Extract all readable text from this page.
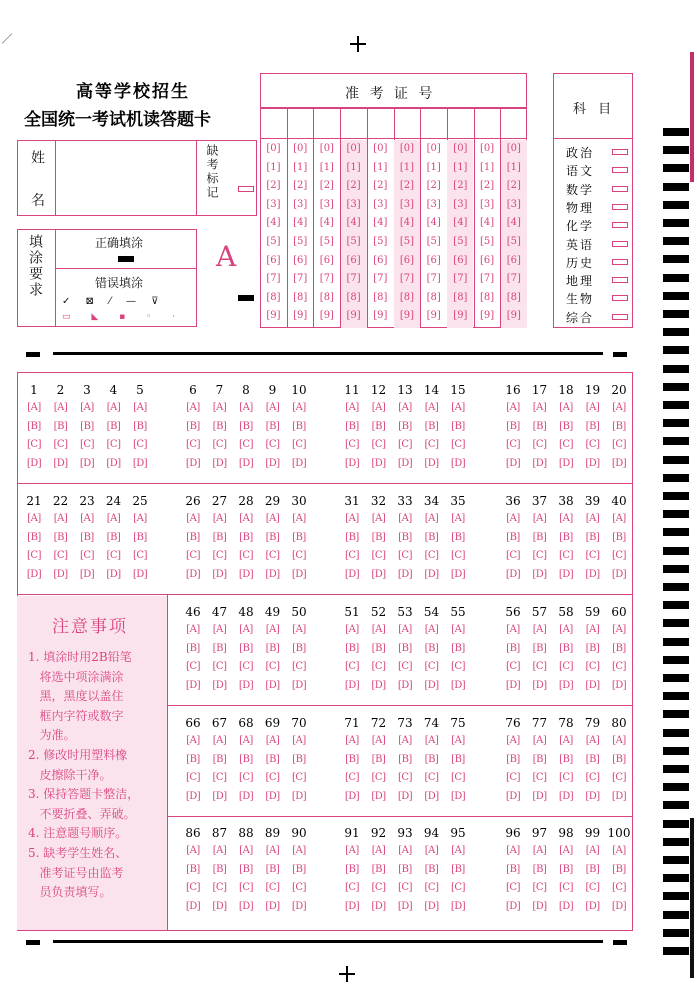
高等学校招生
全国统一考试机读答题卡
姓 名	缺考标记
填涂要求	正确填涂
错误填涂
✓ ⊠ ⁄ — ⊽
▭ ◣ ▪ ◦ ·
A
准 考 证 号
[0]
[1]
[2]
[3]
[4]
[5]
[6]
[7]
[8]
[9]
[0]
[1]
[2]
[3]
[4]
[5]
[6]
[7]
[8]
[9]
[0]
[1]
[2]
[3]
[4]
[5]
[6]
[7]
[8]
[9]
[0]
[1]
[2]
[3]
[4]
[5]
[6]
[7]
[8]
[9]
[0]
[1]
[2]
[3]
[4]
[5]
[6]
[7]
[8]
[9]
[0]
[1]
[2]
[3]
[4]
[5]
[6]
[7]
[8]
[9]
[0]
[1]
[2]
[3]
[4]
[5]
[6]
[7]
[8]
[9]
[0]
[1]
[2]
[3]
[4]
[5]
[6]
[7]
[8]
[9]
[0]
[1]
[2]
[3]
[4]
[5]
[6]
[7]
[8]
[9]
[0]
[1]
[2]
[3]
[4]
[5]
[6]
[7]
[8]
[9]
科 目
政治
语文
数学
物理
化学
英语
历史
地理
生物
综合
注意事项
1. 填涂时用2B铅笔
将选中项涂满涂
黑，黑度以盖住
框内字符或数字
为准。
2. 修改时用塑料橡
皮擦除干净。
3. 保持答题卡整洁，
不要折叠、弄破。
4. 注意题号顺序。
5. 缺考学生姓名、
准考证号由监考
员负责填写。
1
[A]
[B]
[C]
[D]
2
[A]
[B]
[C]
[D]
3
[A]
[B]
[C]
[D]
4
[A]
[B]
[C]
[D]
5
[A]
[B]
[C]
[D]
6
[A]
[B]
[C]
[D]
7
[A]
[B]
[C]
[D]
8
[A]
[B]
[C]
[D]
9
[A]
[B]
[C]
[D]
10
[A]
[B]
[C]
[D]
11
[A]
[B]
[C]
[D]
12
[A]
[B]
[C]
[D]
13
[A]
[B]
[C]
[D]
14
[A]
[B]
[C]
[D]
15
[A]
[B]
[C]
[D]
16
[A]
[B]
[C]
[D]
17
[A]
[B]
[C]
[D]
18
[A]
[B]
[C]
[D]
19
[A]
[B]
[C]
[D]
20
[A]
[B]
[C]
[D]
21
[A]
[B]
[C]
[D]
22
[A]
[B]
[C]
[D]
23
[A]
[B]
[C]
[D]
24
[A]
[B]
[C]
[D]
25
[A]
[B]
[C]
[D]
26
[A]
[B]
[C]
[D]
27
[A]
[B]
[C]
[D]
28
[A]
[B]
[C]
[D]
29
[A]
[B]
[C]
[D]
30
[A]
[B]
[C]
[D]
31
[A]
[B]
[C]
[D]
32
[A]
[B]
[C]
[D]
33
[A]
[B]
[C]
[D]
34
[A]
[B]
[C]
[D]
35
[A]
[B]
[C]
[D]
36
[A]
[B]
[C]
[D]
37
[A]
[B]
[C]
[D]
38
[A]
[B]
[C]
[D]
39
[A]
[B]
[C]
[D]
40
[A]
[B]
[C]
[D]
46
[A]
[B]
[C]
[D]
47
[A]
[B]
[C]
[D]
48
[A]
[B]
[C]
[D]
49
[A]
[B]
[C]
[D]
50
[A]
[B]
[C]
[D]
51
[A]
[B]
[C]
[D]
52
[A]
[B]
[C]
[D]
53
[A]
[B]
[C]
[D]
54
[A]
[B]
[C]
[D]
55
[A]
[B]
[C]
[D]
56
[A]
[B]
[C]
[D]
57
[A]
[B]
[C]
[D]
58
[A]
[B]
[C]
[D]
59
[A]
[B]
[C]
[D]
60
[A]
[B]
[C]
[D]
66
[A]
[B]
[C]
[D]
67
[A]
[B]
[C]
[D]
68
[A]
[B]
[C]
[D]
69
[A]
[B]
[C]
[D]
70
[A]
[B]
[C]
[D]
71
[A]
[B]
[C]
[D]
72
[A]
[B]
[C]
[D]
73
[A]
[B]
[C]
[D]
74
[A]
[B]
[C]
[D]
75
[A]
[B]
[C]
[D]
76
[A]
[B]
[C]
[D]
77
[A]
[B]
[C]
[D]
78
[A]
[B]
[C]
[D]
79
[A]
[B]
[C]
[D]
80
[A]
[B]
[C]
[D]
86
[A]
[B]
[C]
[D]
87
[A]
[B]
[C]
[D]
88
[A]
[B]
[C]
[D]
89
[A]
[B]
[C]
[D]
90
[A]
[B]
[C]
[D]
91
[A]
[B]
[C]
[D]
92
[A]
[B]
[C]
[D]
93
[A]
[B]
[C]
[D]
94
[A]
[B]
[C]
[D]
95
[A]
[B]
[C]
[D]
96
[A]
[B]
[C]
[D]
97
[A]
[B]
[C]
[D]
98
[A]
[B]
[C]
[D]
99
[A]
[B]
[C]
[D]
100
[A]
[B]
[C]
[D]
